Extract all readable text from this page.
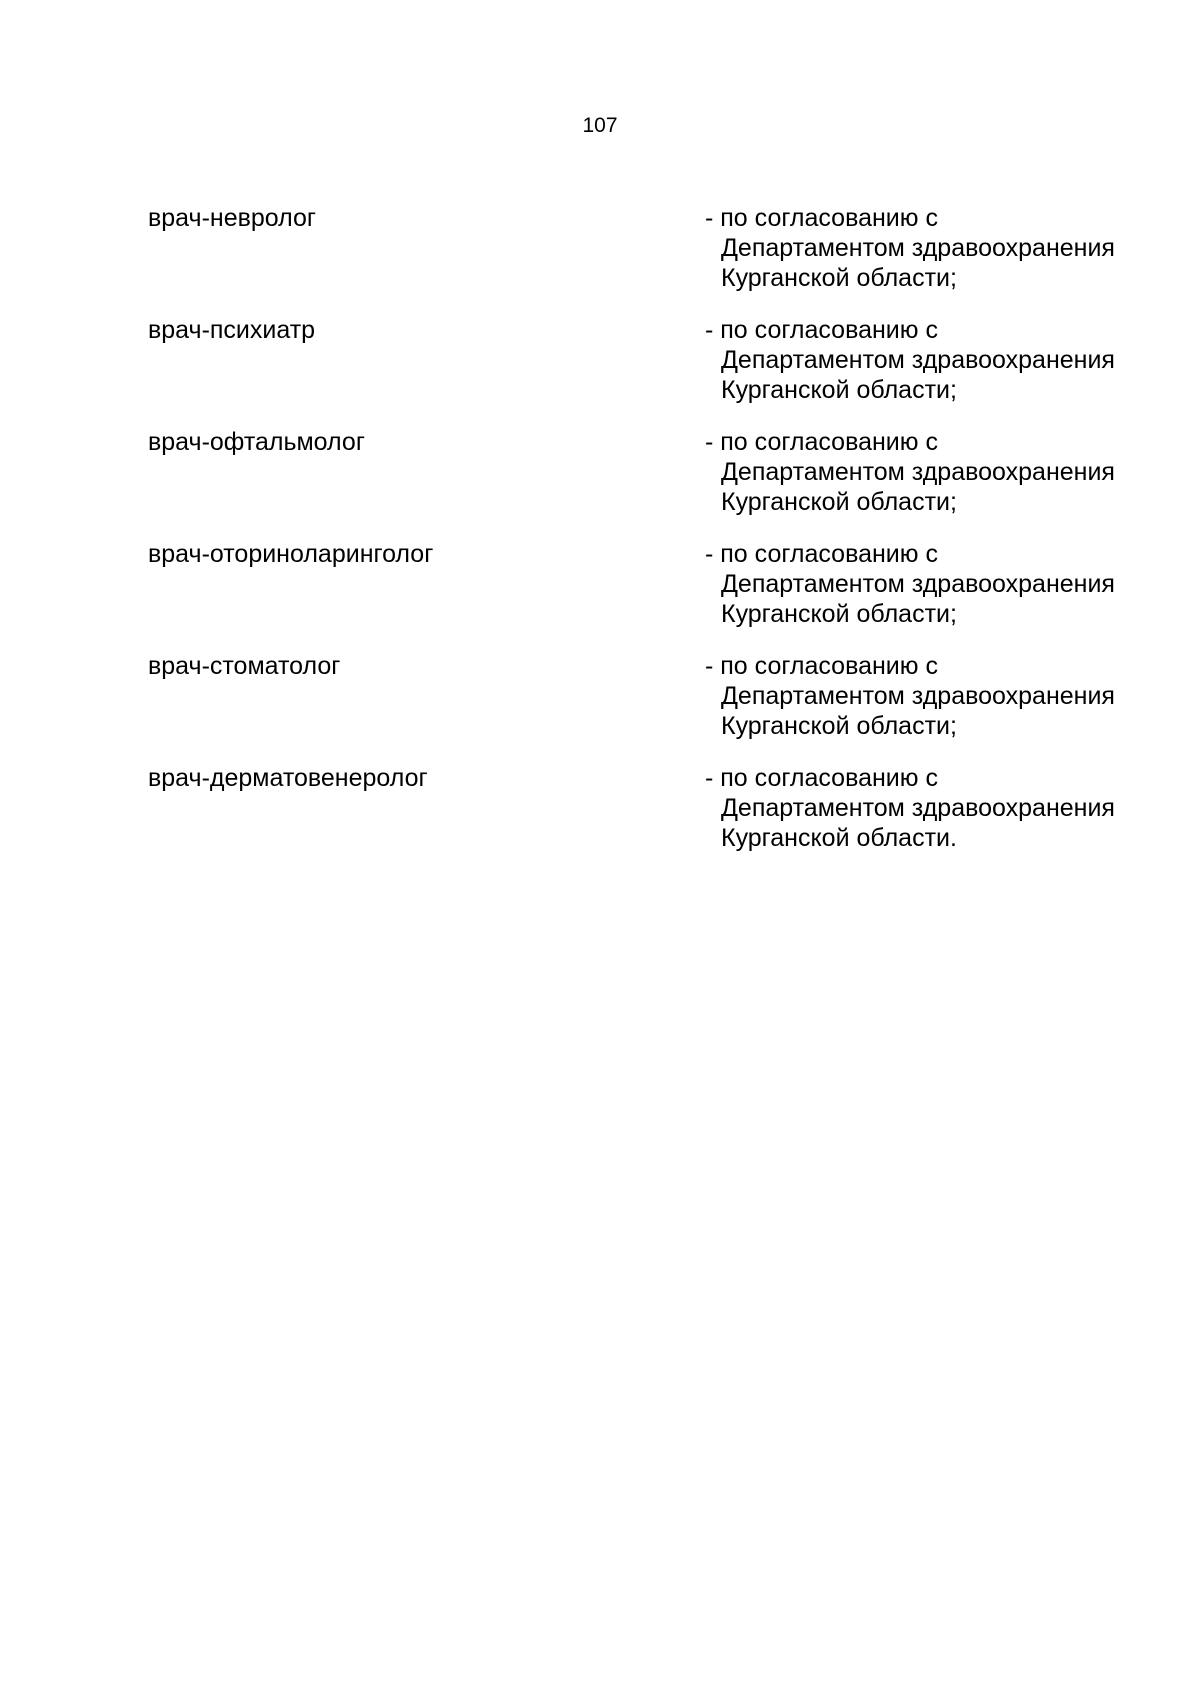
107
врач-невролог	- по согласованию с
Департаментом здравоохранения
Курганской области;
врач-психиатр	- по согласованию с
Департаментом здравоохранения
Курганской области;
врач-офтальмолог	- по согласованию с
Департаментом здравоохранения
Курганской области;
врач-оториноларинголог	- по согласованию с
Департаментом здравоохранения
Курганской области;
врач-стоматолог	- по согласованию с
Департаментом здравоохранения
Курганской области;
врач-дерматовенеролог	- по согласованию с
Департаментом здравоохранения
Курганской области.
